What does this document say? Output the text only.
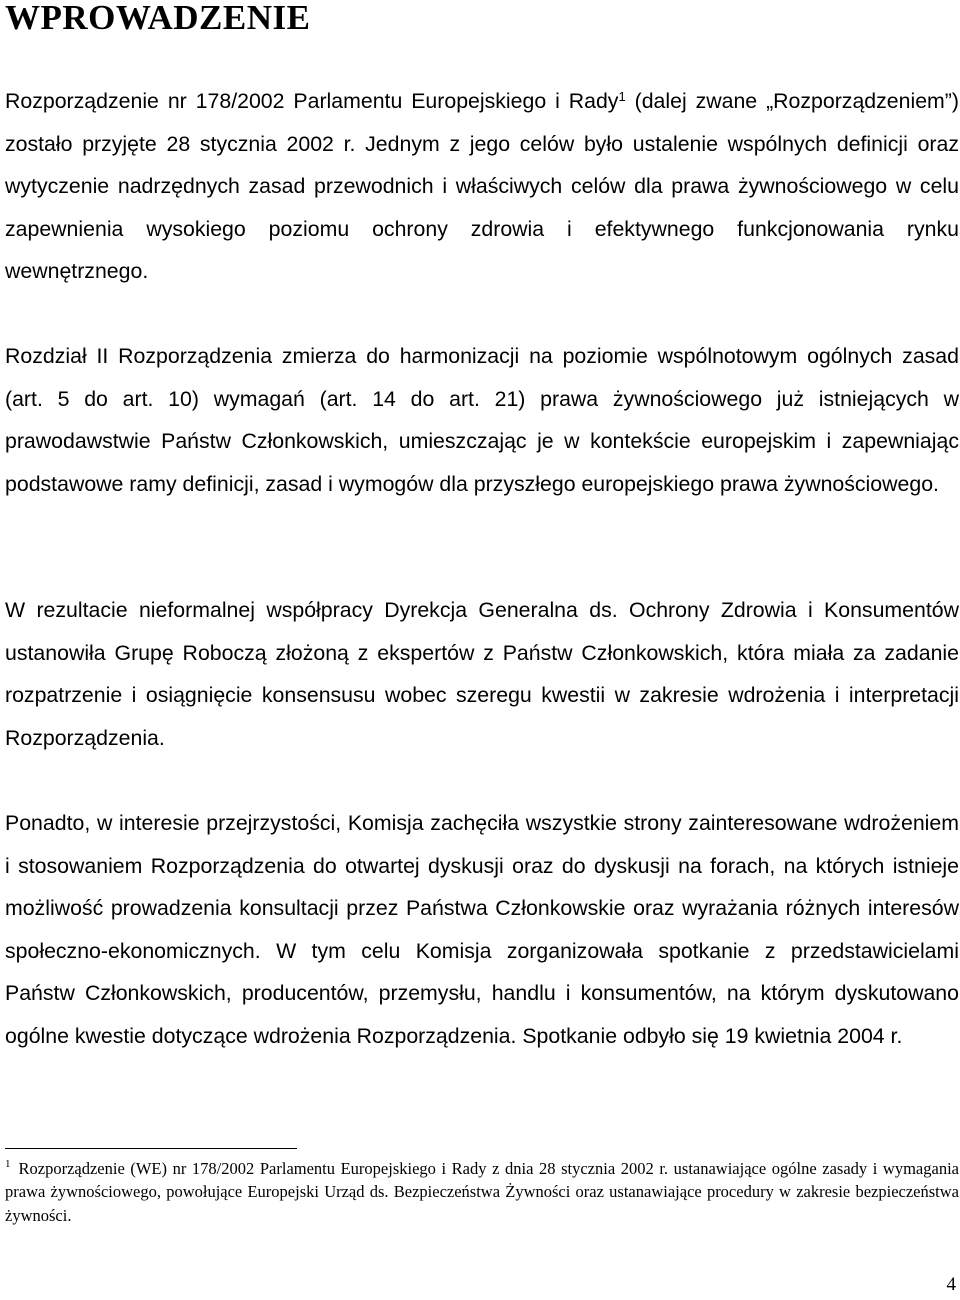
WPROWADZENIE

Rozporządzenie nr 178/2002 Parlamentu Europejskiego i Rady$^1$ (dalej zwane „Rozporządzeniem”) zostało przyjęte 28 stycznia 2002 r. Jednym z jego celów było ustalenie wspólnych definicji oraz wytyczenie nadrzędnych zasad przewodnich i właściwych celów dla prawa żywnościowego w celu zapewnienia wysokiego poziomu ochrony zdrowia i efektywnego funkcjonowania rynku wewnętrznego.

Rozdział II Rozporządzenia zmierza do harmonizacji na poziomie wspólnotowym ogólnych zasad (art. 5 do art. 10) wymagań (art. 14 do art. 21) prawa żywnościowego już istniejących w prawodawstwie Państw Członkowskich, umieszczając je w kontekście europejskim i zapewniając podstawowe ramy definicji, zasad i wymogów dla przyszłego europejskiego prawa żywnościowego.

W rezultacie nieformalnej współpracy Dyrekcja Generalna ds. Ochrony Zdrowia i Konsumentów ustanowiła Grupę Roboczą złożoną z ekspertów z Państw Członkowskich, która miała za zadanie rozpatrzenie i osiągnięcie konsensusu wobec szeregu kwestii w zakresie wdrożenia i interpretacji Rozporządzenia.

Ponadto, w interesie przejrzystości, Komisja zachęciła wszystkie strony zainteresowane wdrożeniem i stosowaniem Rozporządzenia do otwartej dyskusji oraz do dyskusji na forach, na których istnieje możliwość prowadzenia konsultacji przez Państwa Członkowskie oraz wyrażania różnych interesów społeczno-ekonomicznych. W tym celu Komisja zorganizowała spotkanie z przedstawicielami Państw Członkowskich, producentów, przemysłu, handlu i konsumentów, na którym dyskutowano ogólne kwestie dotyczące wdrożenia Rozporządzenia. Spotkanie odbyło się 19 kwietnia 2004 r.

$^1$ Rozporządzenie (WE) nr 178/2002 Parlamentu Europejskiego i Rady z dnia 28 stycznia 2002 r. ustanawiające ogólne zasady i wymagania prawa żywnościowego, powołujące Europejski Urząd ds. Bezpieczeństwa Żywności oraz ustanawiające procedury w zakresie bezpieczeństwa żywności.

4
